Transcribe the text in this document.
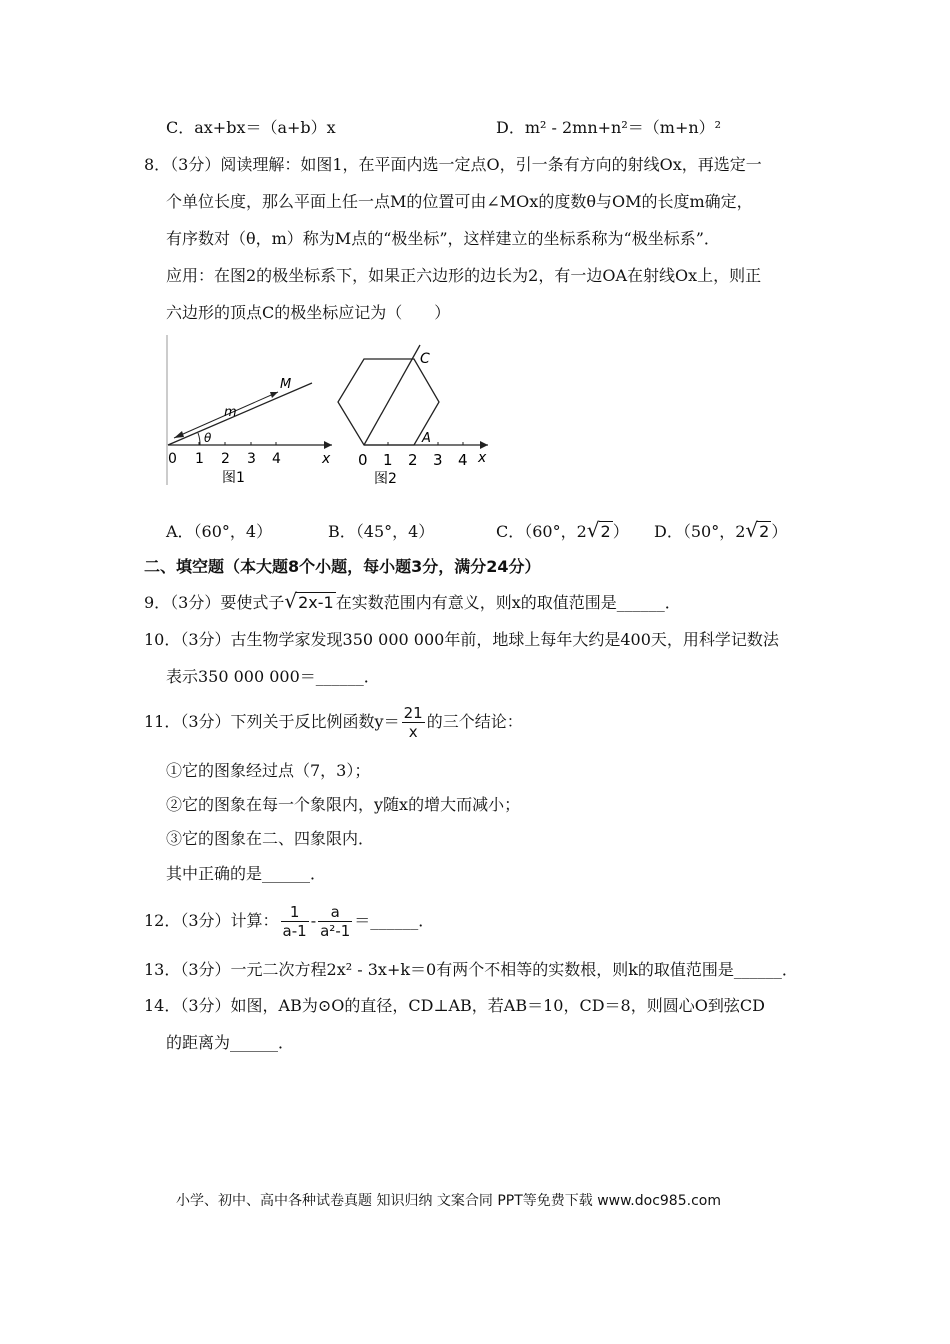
C．ax+bx＝（a+b）x	D．m² - 2mn+n²＝（m+n）²
8．（3分）阅读理解：如图1，在平面内选一定点O，引一条有方向的射线Ox，再选定一
个单位长度，那么平面上任一点M的位置可由∠MOx的度数θ与OM的长度m确定，
有序数对（θ，m）称为M点的“极坐标”，这样建立的坐标系称为“极坐标系”．
应用：在图2的极坐标系下，如果正六边形的边长为2，有一边OA在射线Ox上，则正
六边形的顶点C的极坐标应记为（　　）
θ
m
M
0 1 2 3 4	x
图1
C
A
0 1 2 3 4 x
图2
A．（60°，4）	B．（45°，4）	C．（60°，2√2 ） D．（50°，2√2 ）
二、填空题（本大题8个小题，每小题3分，满分24分）
9．（3分）要使式子√2x-1 在实数范围内有意义，则x的取值范围是______．
10．（3分）古生物学家发现350 000 000年前，地球上每年大约是400天，用科学记数法
表示350 000 000＝______．
11．（3分）下列关于反比例函数$y= \frac{21}{x}$ 的三个结论：
①它的图象经过点（7，3）；
②它的图象在每一个象限内，y随x的增大而减小；
③它的图象在二、四象限内．
其中正确的是______．
12．（3分）计算： $\frac{1}{a-1} - \frac{a}{\text{a²-1}}$ ＝______．
13．（3分）一元二次方程2x² - 3x+k＝0有两个不相等的实数根，则k的取值范围是______．
14．（3分）如图，AB为⊙O的直径，CD⊥AB，若AB＝10，CD＝8，则圆心O到弦CD
的距离为______．
小学、初中、高中各种试卷真题 知识归纳 文案合同 PPT等免费下载 www.doc985.com
